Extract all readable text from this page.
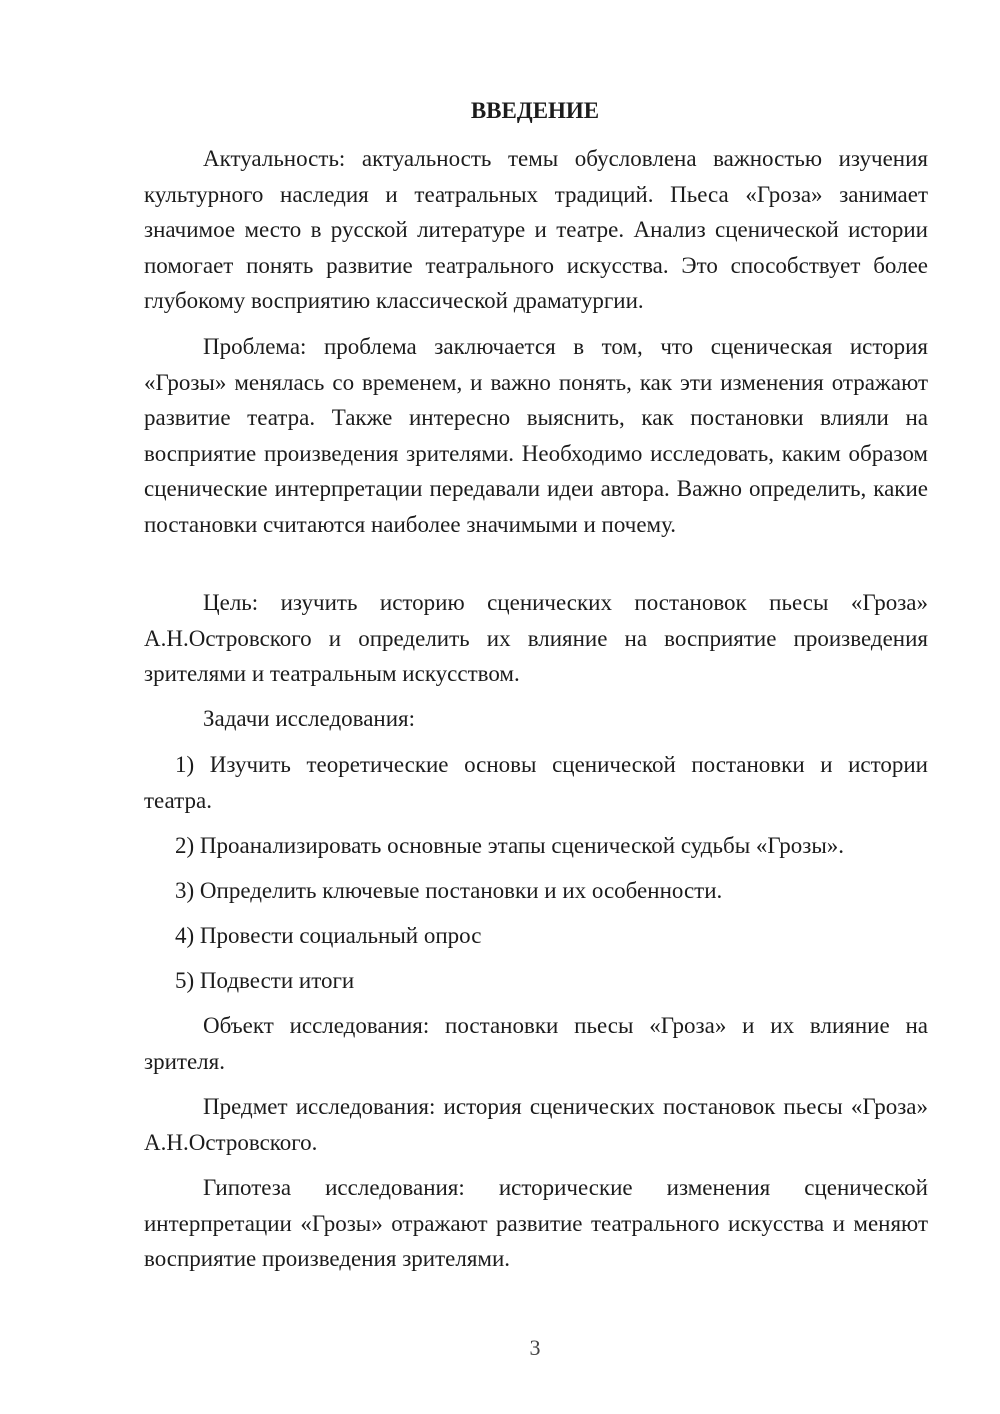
ВВЕДЕНИЕ

Актуальность: актуальность темы обусловлена важностью изучения культурного наследия и театральных традиций. Пьеса «Гроза» занимает значимое место в русской литературе и театре. Анализ сценической истории помогает понять развитие театрального искусства. Это способствует более глубокому восприятию классической драматургии.

Проблема: проблема заключается в том, что сценическая история «Грозы» менялась со временем, и важно понять, как эти изменения отражают развитие театра. Также интересно выяснить, как постановки влияли на восприятие произведения зрителями. Необходимо исследовать, каким образом сценические интерпретации передавали идеи автора. Важно определить, какие постановки считаются наиболее значимыми и почему.

Цель: изучить историю сценических постановок пьесы «Гроза» А.Н.Островского и определить их влияние на восприятие произведения зрителями и театральным искусством.

Задачи исследования:

1) Изучить теоретические основы сценической постановки и истории театра.

2) Проанализировать основные этапы сценической судьбы «Грозы».

3) Определить ключевые постановки и их особенности.

4) Провести социальный опрос

5) Подвести итоги

Объект исследования: постановки пьесы «Гроза» и их влияние на зрителя.

Предмет исследования: история сценических постановок пьесы «Гроза» А.Н.Островского.

Гипотеза исследования: исторические изменения сценической интерпретации «Грозы» отражают развитие театрального искусства и меняют восприятие произведения зрителями.

3
